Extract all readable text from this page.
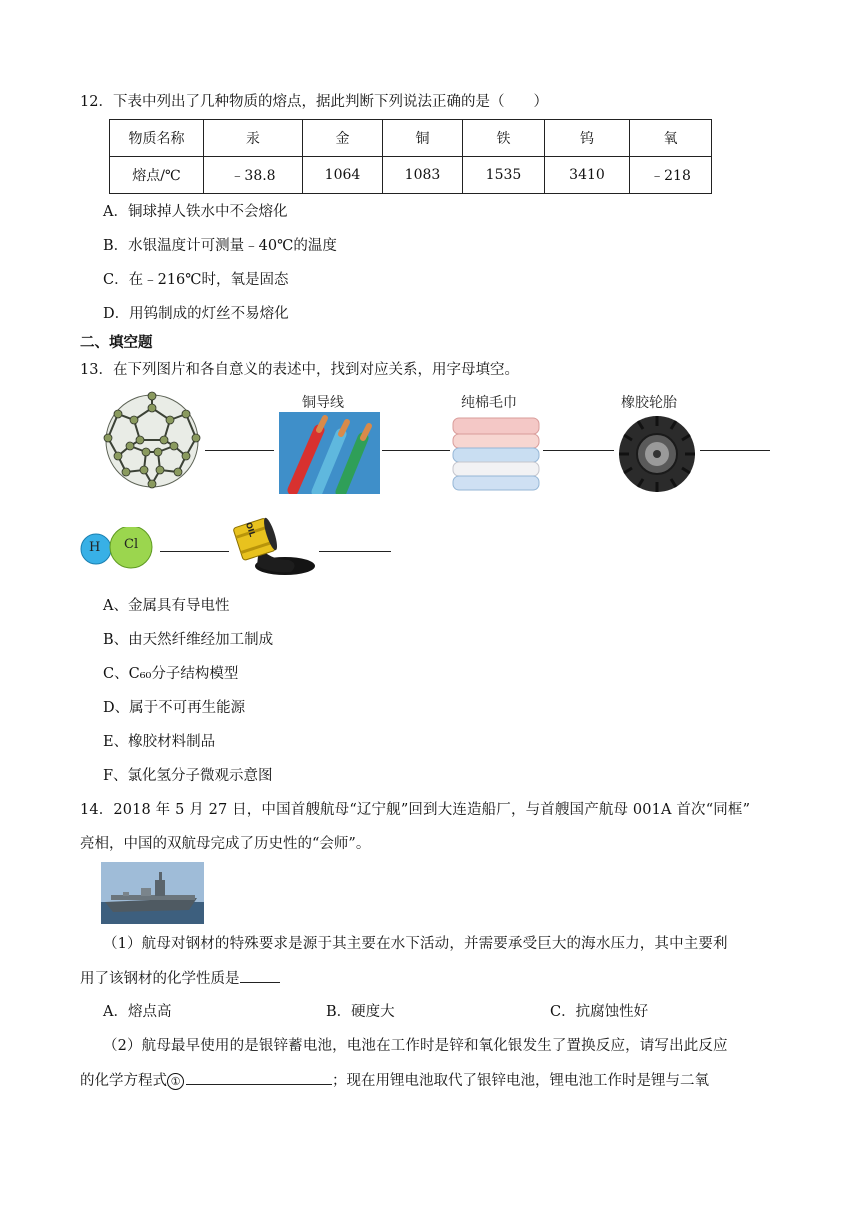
12．下表中列出了几种物质的熔点，据此判断下列说法正确的是（　　）
物质名称	汞	金	铜	铁	钨	氧
熔点/℃	﹣38.8	1064	1083	1535	3410	﹣218
A．铜球掉人铁水中不会熔化
B．水银温度计可测量﹣40℃的温度
C．在﹣216℃时，氧是固态
D．用钨制成的灯丝不易熔化
二、填空题
13．在下列图片和各自意义的表述中，找到对应关系，用字母填空。
铜导线	纯棉毛巾	橡胶轮胎
H Cl
OIL
A、金属具有导电性
B、由天然纤维经加工制成
C、C₆₀分子结构模型
D、属于不可再生能源
E、橡胶材料制品
F、氯化氢分子微观示意图
14．2018 年 5 月 27 日，中国首艘航母“辽宁舰”回到大连造船厂，与首艘国产航母 001A 首次“同框”
亮相，中国的双航母完成了历史性的“会师”。
（1）航母对钢材的特殊要求是源于其主要在水下活动，并需要承受巨大的海水压力，其中主要利
用了该钢材的化学性质是
A．熔点高	B．硬度大	C．抗腐蚀性好
（2）航母最早使用的是银锌蓄电池，电池在工作时是锌和氧化银发生了置换反应，请写出此反应
的化学方程式 ①	；现在用锂电池取代了银锌电池，锂电池工作时是锂与二氧
